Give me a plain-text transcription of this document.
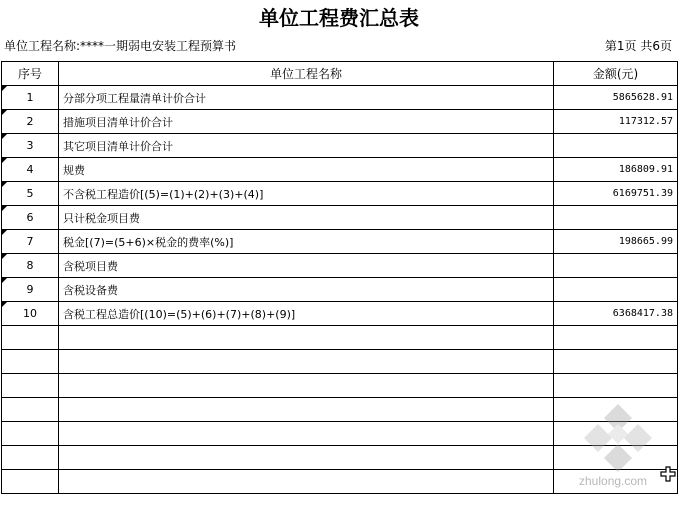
单位工程费汇总表
单位工程名称:****一期弱电安装工程预算书	第1页 共6页
序号	单位工程名称	金额(元)

1	分部分项工程量清单计价合计	5865628.91

2	措施项目清单计价合计	117312.57

3	其它项目清单计价合计	

4	规费	186809.91

5	不含税工程造价[(5)=(1)+(2)+(3)+(4)]	6169751.39

6	只计税金项目费	

7	税金[(7)=(5+6)×税金的费率(%)]	198665.99

8	含税项目费	

9	含税设备费	

10	含税工程总造价[(10)=(5)+(6)+(7)+(8)+(9)]	6368417.38

zhulong.com
